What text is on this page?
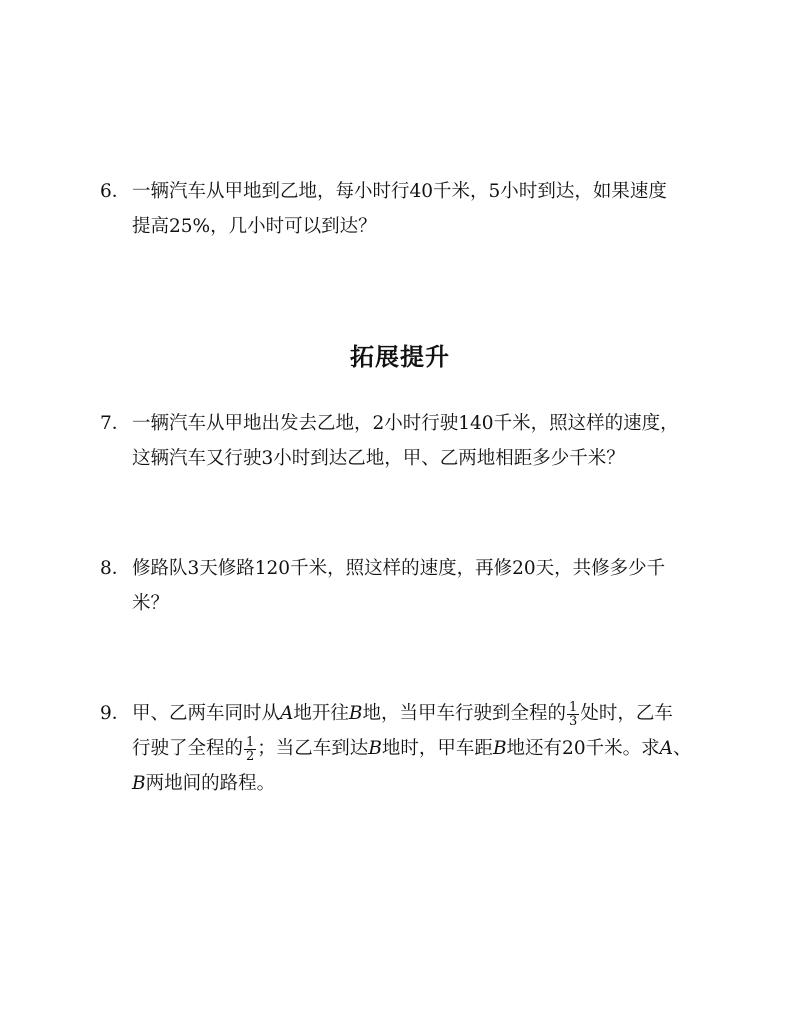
6．一辆汽车从甲地到乙地，每小时行40千米，5小时到达，如果速度
提高25%，几小时可以到达？
拓展提升
7．一辆汽车从甲地出发去乙地，2小时行驶140千米，照这样的速度，
这辆汽车又行驶3小时到达乙地，甲、乙两地相距多少千米？
8．修路队3天修路120千米，照这样的速度，再修20天，共修多少千
米？
9．甲、乙两车同时从A地开往B地，当甲车行驶到全程的 $\frac{1}{3}$ 处时，乙车
行驶了全程的 $\frac{1}{2}$ ；当乙车到达B地时，甲车距B地还有20千米。求A、
B两地间的路程。
